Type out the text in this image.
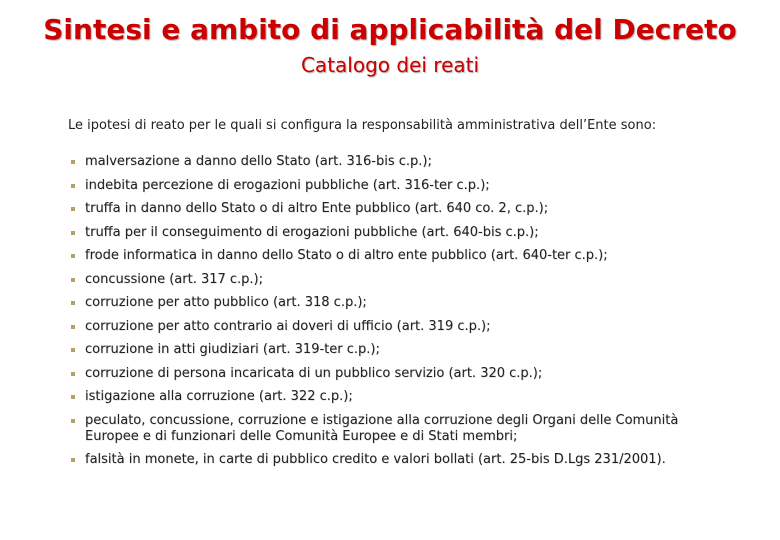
Sintesi e ambito di applicabilità del Decreto
Catalogo dei reati
Le ipotesi di reato per le quali si configura la responsabilità amministrativa dell’Ente sono:
malversazione a danno dello Stato (art. 316-bis c.p.);
indebita percezione di erogazioni pubbliche (art. 316-ter c.p.);
truffa in danno dello Stato o di altro Ente pubblico (art. 640 co. 2, c.p.);
truffa per il conseguimento di erogazioni pubbliche (art. 640-bis c.p.);
frode informatica in danno dello Stato o di altro ente pubblico (art. 640-ter c.p.);
concussione (art. 317 c.p.);
corruzione per atto pubblico (art. 318 c.p.);
corruzione per atto contrario ai doveri di ufficio (art. 319 c.p.);
corruzione in atti giudiziari (art. 319-ter c.p.);
corruzione di persona incaricata di un pubblico servizio (art. 320 c.p.);
istigazione alla corruzione (art. 322 c.p.);
peculato, concussione, corruzione e istigazione alla corruzione degli Organi delle Comunità Europee e di funzionari delle Comunità Europee e di Stati membri;
falsità in monete, in carte di pubblico credito e valori bollati (art. 25-bis D.Lgs 231/2001).
